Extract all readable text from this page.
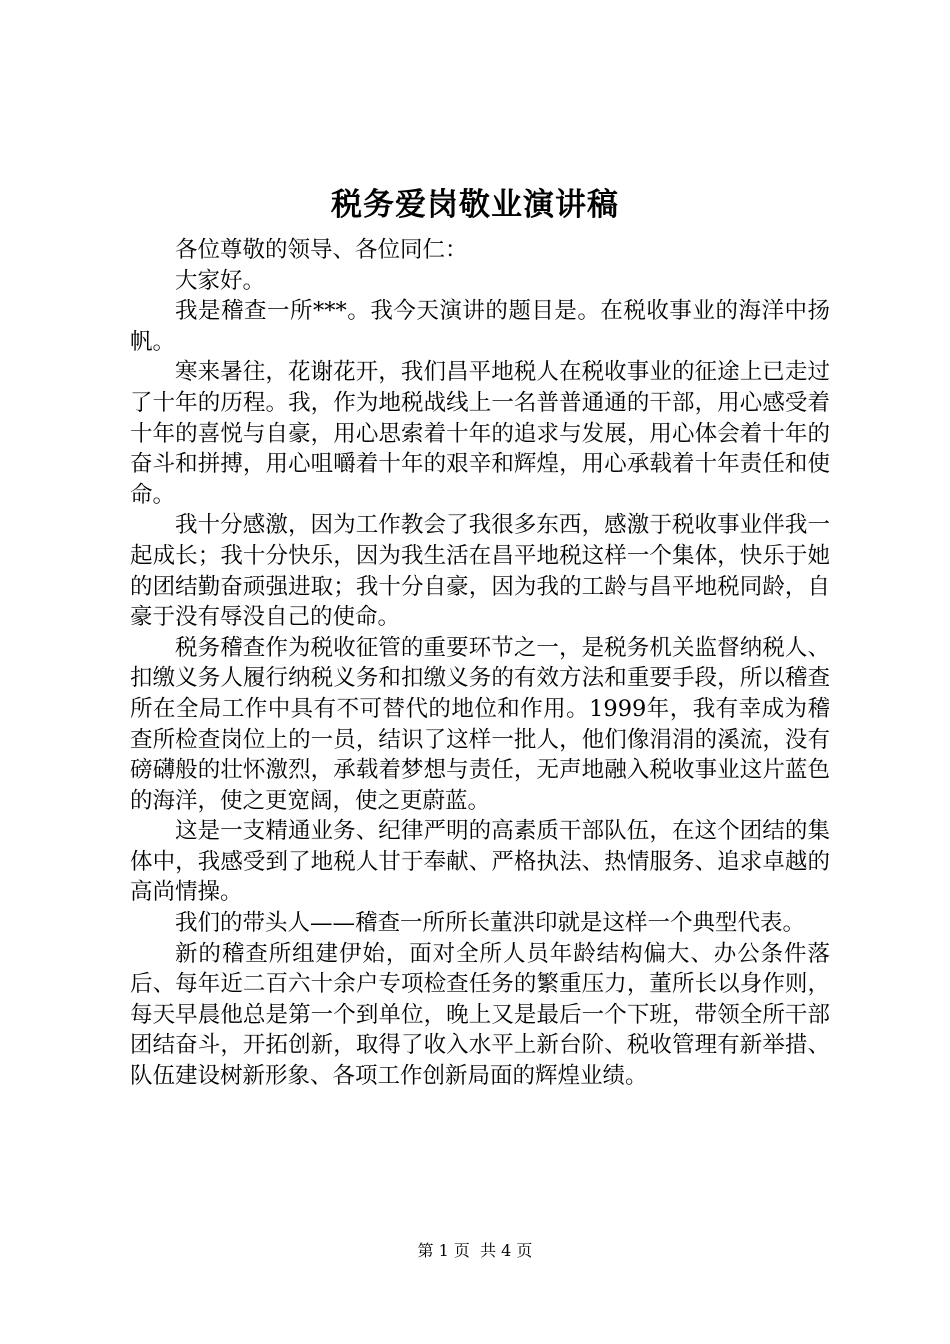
税务爱岗敬业演讲稿

各位尊敬的领导、各位同仁：

大家好。

我是稽查一所***。我今天演讲的题目是。在税收事业的海洋中扬帆。

寒来暑往，花谢花开，我们昌平地税人在税收事业的征途上已走过了十年的历程。我，作为地税战线上一名普普通通的干部，用心感受着十年的喜悦与自豪，用心思索着十年的追求与发展，用心体会着十年的奋斗和拼搏，用心咀嚼着十年的艰辛和辉煌，用心承载着十年责任和使命。

我十分感激，因为工作教会了我很多东西，感激于税收事业伴我一起成长；我十分快乐，因为我生活在昌平地税这样一个集体，快乐于她的团结勤奋顽强进取；我十分自豪，因为我的工龄与昌平地税同龄，自豪于没有辱没自己的使命。

税务稽查作为税收征管的重要环节之一，是税务机关监督纳税人、扣缴义务人履行纳税义务和扣缴义务的有效方法和重要手段，所以稽查所在全局工作中具有不可替代的地位和作用。1999年，我有幸成为稽查所检查岗位上的一员，结识了这样一批人，他们像涓涓的溪流，没有磅礴般的壮怀激烈，承载着梦想与责任，无声地融入税收事业这片蓝色的海洋，使之更宽阔，使之更蔚蓝。

这是一支精通业务、纪律严明的高素质干部队伍，在这个团结的集体中，我感受到了地税人甘于奉献、严格执法、热情服务、追求卓越的高尚情操。

我们的带头人——稽查一所所长董洪印就是这样一个典型代表。

新的稽查所组建伊始，面对全所人员年龄结构偏大、办公条件落后、每年近二百六十余户专项检查任务的繁重压力，董所长以身作则，每天早晨他总是第一个到单位，晚上又是最后一个下班，带领全所干部团结奋斗，开拓创新，取得了收入水平上新台阶、税收管理有新举措、队伍建设树新形象、各项工作创新局面的辉煌业绩。

第 1 页  共 4 页
